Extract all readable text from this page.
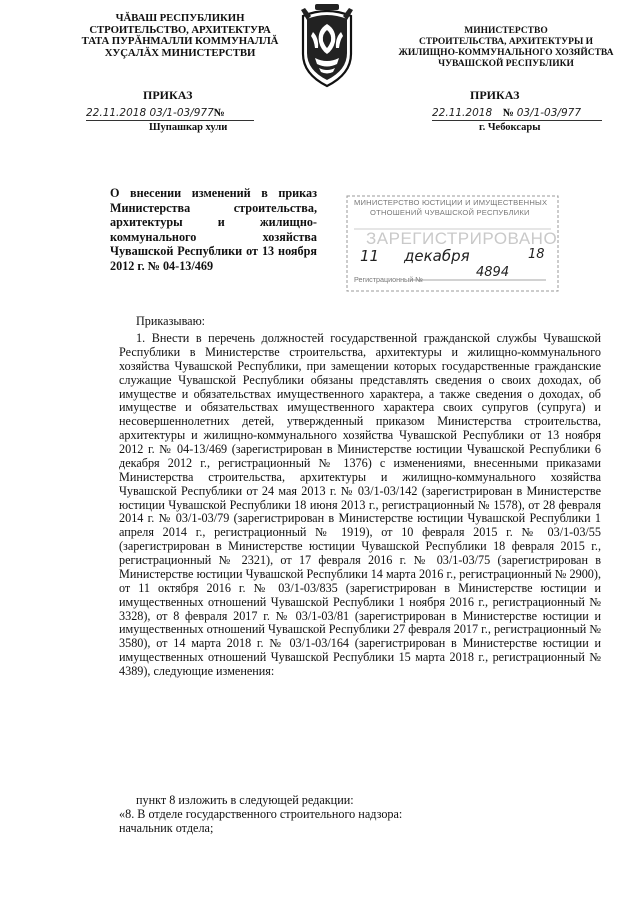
ЧĂВАШ РЕСПУБЛИКИН
СТРОИТЕЛЬСТВО, АРХИТЕКТУРА
ТАТА ПУРĂНМАЛЛИ КОММУНАЛЛĂ
ХУҪАЛĂХ МИНИСТЕРСТВИ
МИНИСТЕРСТВО
СТРОИТЕЛЬСТВА, АРХИТЕКТУРЫ И
ЖИЛИЩНО-КОММУНАЛЬНОГО ХОЗЯЙСТВА
ЧУВАШСКОЙ РЕСПУБЛИКИ
ПРИКАЗ	ПРИКАЗ
22.11.2018 03/1-03/977№
Шупашкар хули
22.11.2018 № 03/1-03/977
г. Чебоксары
О внесении изменений в приказ Министерства строительства, архитектуры и жилищно-коммунального хозяйства Чувашской Республики от 13 ноября 2012 г. № 04-13/469
МИНИСТЕРСТВО ЮСТИЦИИ И ИМУЩЕСТВЕННЫХ
ОТНОШЕНИЙ ЧУВАШСКОЙ РЕСПУБЛИКИ
ЗАРЕГИСТРИРОВАНО
11 декабря	18
Регистрационный №	4894
Приказываю:

1. Внести в перечень должностей государственной гражданской службы Чувашской Республики в Министерстве строительства, архитектуры и жилищно-коммунального хозяйства Чувашской Республики, при замещении которых государственные гражданские служащие Чувашской Республики обязаны представлять сведения о своих доходах, об имуществе и обязательствах имущественного характера, а также сведения о доходах, об имуществе и обязательствах имущественного характера своих супругов (супруга) и несовершеннолетних детей, утвержденный приказом Министерства строительства, архитектуры и жилищно-коммунального хозяйства Чувашской Республики от 13 ноября 2012 г. № 04-13/469 (зарегистрирован в Министерстве юстиции Чувашской Республики 6 декабря 2012 г., регистрационный № 1376) с изменениями, внесенными приказами Министерства строительства, архитектуры и жилищно-коммунального хозяйства Чувашской Республики от 24 мая 2013 г. № 03/1-03/142 (зарегистрирован в Министерстве юстиции Чувашской Республики 18 июня 2013 г., регистрационный № 1578), от 28 февраля 2014 г. № 03/1-03/79 (зарегистрирован в Министерстве юстиции Чувашской Республики 1 апреля 2014 г., регистрационный № 1919), от 10 февраля 2015 г. № 03/1-03/55 (зарегистрирован в Министерстве юстиции Чувашской Республики 18 февраля 2015 г., регистрационный № 2321), от 17 февраля 2016 г. № 03/1-03/75 (зарегистрирован в Министерстве юстиции Чувашской Республики 14 марта 2016 г., регистрационный № 2900), от 11 октября 2016 г. № 03/1-03/835 (зарегистрирован в Министерстве юстиции и имущественных отношений Чувашской Республики 1 ноября 2016 г., регистрационный № 3328), от 8 февраля 2017 г. № 03/1-03/81 (зарегистрирован в Министерстве юстиции и имущественных отношений Чувашской Республики 27 февраля 2017 г., регистрационный № 3580), от 14 марта 2018 г. № 03/1-03/164 (зарегистрирован в Министерстве юстиции и имущественных отношений Чувашской Республики 15 марта 2018 г., регистрационный № 4389), следующие изменения:

пункт 8 изложить в следующей редакции:
«8. В отделе государственного строительного надзора:
начальник отдела;
